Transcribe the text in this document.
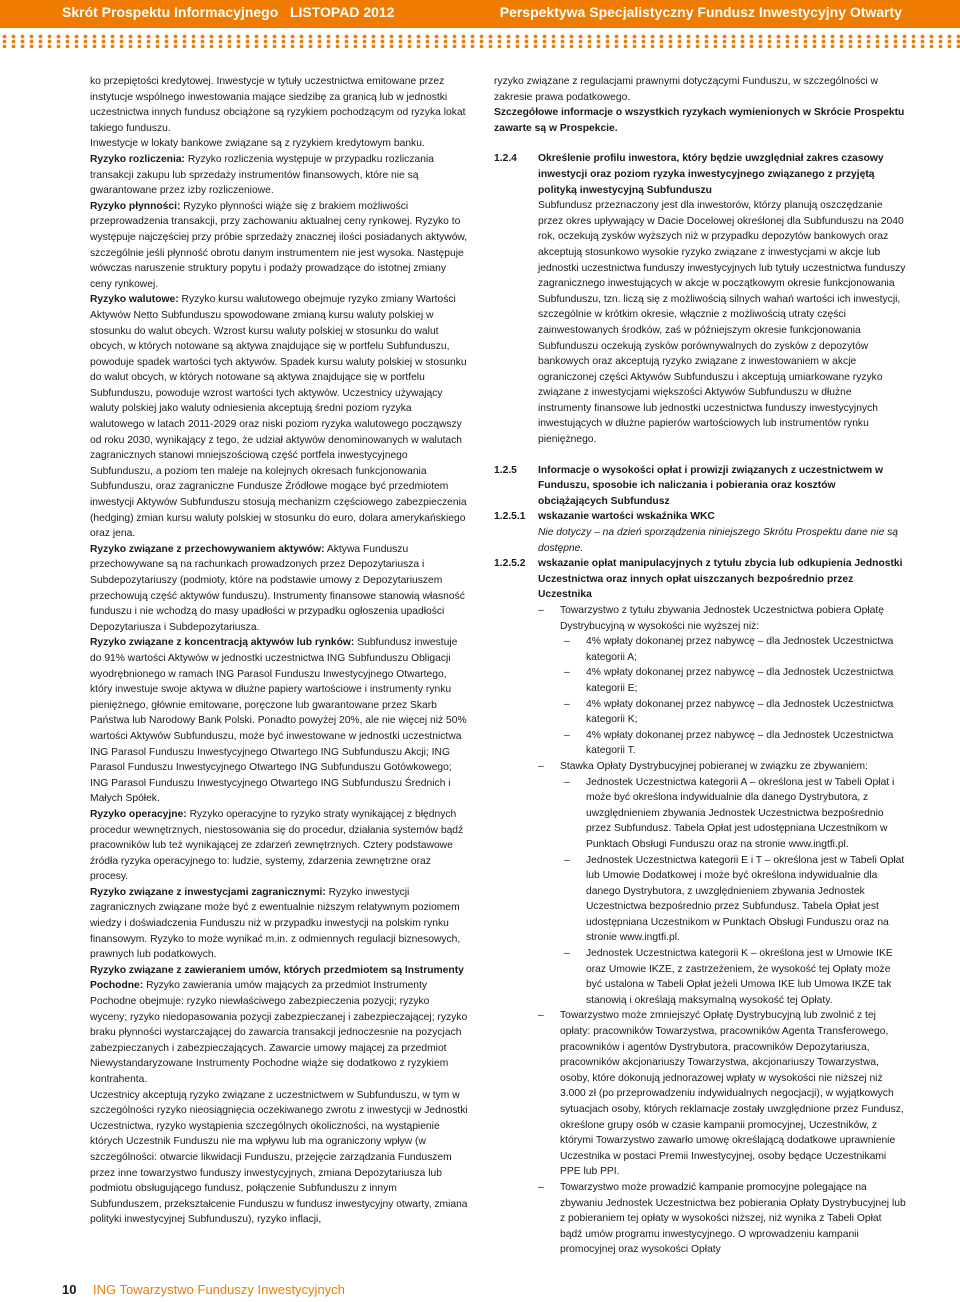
Skrót Prospektu Informacyjnego   LISTOPAD 2012	Perspektywa Specjalistyczny Fundusz Inwestycyjny Otwarty

ko przepiętości kredytowej. Inwestycje w tytuły uczestnictwa emitowane przez instytucje wspólnego inwestowania mające siedzibę za granicą lub w jednostki uczestnictwa innych fundusz obciążone są ryzykiem pochodzącym od ryzyka lokat takiego funduszu.

Inwestycje w lokaty bankowe związane są z ryzykiem kredytowym banku.

Ryzyko rozliczenia: Ryzyko rozliczenia występuje w przypadku rozliczania transakcji zakupu lub sprzedaży instrumentów finansowych, które nie są gwarantowane przez izby rozliczeniowe.

Ryzyko płynności: Ryzyko płynności wiąże się z brakiem możliwości przeprowadzenia transakcji, przy zachowaniu aktualnej ceny rynkowej. Ryzyko to występuje najczęściej przy próbie sprzedaży znacznej ilości posiadanych aktywów, szczególnie jeśli płynność obrotu danym instrumentem nie jest wysoka. Następuje wówczas naruszenie struktury popytu i podaży prowadzące do istotnej zmiany ceny rynkowej.

Ryzyko walutowe: Ryzyko kursu walutowego obejmuje ryzyko zmiany Wartości Aktywów Netto Subfunduszu spowodowane zmianą kursu waluty polskiej w stosunku do walut obcych. Wzrost kursu waluty polskiej w stosunku do walut obcych, w których notowane są aktywa znajdujące się w portfelu Subfunduszu, powoduje spadek wartości tych aktywów. Spadek kursu waluty polskiej w stosunku do walut obcych, w których notowane są aktywa znajdujące się w portfelu Subfunduszu, powoduje wzrost wartości tych aktywów. Uczestnicy używający waluty polskiej jako waluty odniesienia akceptują średni poziom ryzyka walutowego w latach 2011-2029 oraz niski poziom ryzyka walutowego począwszy od roku 2030, wynikający z tego, że udział aktywów denominowanych w walutach zagranicznych stanowi mniejszościową część portfela inwestycyjnego Subfunduszu, a poziom ten maleje na kolejnych okresach funkcjonowania Subfunduszu, oraz zagraniczne Fundusze Źródłowe mogące być przedmiotem inwestycji Aktywów Subfunduszu stosują mechanizm częściowego zabezpieczenia (hedging) zmian kursu waluty polskiej w stosunku do euro, dolara amerykańskiego oraz jena.

Ryzyko związane z przechowywaniem aktywów: Aktywa Funduszu przechowywane są na rachunkach prowadzonych przez Depozytariusza i Subdepozytariuszy (podmioty, które na podstawie umowy z Depozytariuszem przechowują część aktywów funduszu). Instrumenty finansowe stanowią własność funduszu i nie wchodzą do masy upadłości w przypadku ogłoszenia upadłości Depozytariusza i Subdepozytariusza.

Ryzyko związane z koncentracją aktywów lub rynków: Subfundusz inwestuje do 91% wartości Aktywów w jednostki uczestnictwa ING Subfunduszu Obligacji wyodrębnionego w ramach ING Parasol Funduszu Inwestycyjnego Otwartego, który inwestuje swoje aktywa w dłużne papiery wartościowe i instrumenty rynku pieniężnego, głównie emitowane, poręczone lub gwarantowane przez Skarb Państwa lub Narodowy Bank Polski. Ponadto powyżej 20%, ale nie więcej niż 50% wartości Aktywów Subfunduszu, może być inwestowane w jednostki uczestnictwa ING Parasol Funduszu Inwestycyjnego Otwartego ING Subfunduszu Akcji; ING Parasol Funduszu Inwestycyjnego Otwartego ING Subfunduszu Gotówkowego; ING Parasol Funduszu Inwestycyjnego Otwartego ING Subfunduszu Średnich i Małych Spółek.

Ryzyko operacyjne: Ryzyko operacyjne to ryzyko straty wynikającej z błędnych procedur wewnętrznych, niestosowania się do procedur, działania systemów bądź pracowników lub też wynikającej ze zdarzeń zewnętrznych. Cztery podstawowe źródła ryzyka operacyjnego to: ludzie, systemy, zdarzenia zewnętrzne oraz procesy.

Ryzyko związane z inwestycjami zagranicznymi: Ryzyko inwestycji zagranicznych związane może być z ewentualnie niższym relatywnym poziomem wiedzy i doświadczenia Funduszu niż w przypadku inwestycji na polskim rynku finansowym. Ryzyko to może wynikać m.in. z odmiennych regulacji biznesowych, prawnych lub podatkowych.

Ryzyko związane z zawieraniem umów, których przedmiotem są Instrumenty Pochodne: Ryzyko zawierania umów mających za przedmiot Instrumenty Pochodne obejmuje: ryzyko niewłaściwego zabezpieczenia pozycji; ryzyko wyceny; ryzyko niedopasowania pozycji zabezpieczanej i zabezpieczającej; ryzyko braku płynności wystarczającej do zawarcia transakcji jednoczesnie na pozycjach zabezpieczanych i zabezpieczających. Zawarcie umowy mającej za przedmiot Niewystandaryzowane Instrumenty Pochodne wiąże się dodatkowo z ryzykiem kontrahenta.

Uczestnicy akceptują ryzyko związane z uczestnictwem w Subfunduszu, w tym w szczególności ryzyko nieosiągnięcia oczekiwanego zwrotu z inwestycji w Jednostki Uczestnictwa, ryzyko wystąpienia szczególnych okoliczności, na wystąpienie których Uczestnik Funduszu nie ma wpływu lub ma ograniczony wpływ (w szczególności: otwarcie likwidacji Funduszu, przejęcie zarządzania Funduszem przez inne towarzystwo funduszy inwestycyjnych, zmiana Depozytariusza lub podmiotu obsługującego fundusz, połączenie Subfunduszu z innym Subfunduszem, przekształcenie Funduszu w fundusz inwestycyjny otwarty, zmiana polityki inwestycyjnej Subfunduszu), ryzyko inflacji,

ryzyko związane z regulacjami prawnymi dotyczącymi Funduszu, w szczególności w zakresie prawa podatkowego.

Szczegółowe informacje o wszystkich ryzykach wymienionych w Skrócie Prospektu zawarte są w Prospekcie.

1.2.4 Określenie profilu inwestora, który będzie uwzględniał zakres czasowy inwestycji oraz poziom ryzyka inwestycyjnego związanego z przyjętą polityką inwestycyjną Subfunduszu

Subfundusz przeznaczony jest dla inwestorów, którzy planują oszczędzanie przez okres upływający w Dacie Docelowej określonej dla Subfunduszu na 2040 rok, oczekują zysków wyższych niż w przypadku depozytów bankowych oraz akceptują stosunkowo wysokie ryzyko związane z inwestycjami w akcje lub jednostki uczestnictwa funduszy inwestycyjnych lub tytuły uczestnictwa funduszy zagranicznego inwestujących w akcje w początkowym okresie funkcjonowania Subfunduszu, tzn. liczą się z możliwością silnych wahań wartości ich inwestycji, szczególnie w krótkim okresie, włącznie z możliwością utraty części zainwestowanych środków, zaś w późniejszym okresie funkcjonowania Subfunduszu oczekują zysków porównywalnych do zysków z depozytów bankowych oraz akceptują ryzyko związane z inwestowaniem w akcje ograniczonej części Aktywów Subfunduszu i akceptują umiarkowane ryzyko związane z inwestycjami większości Aktywów Subfunduszu w dłużne instrumenty finansowe lub jednostki uczestnictwa funduszy inwestycyjnych inwestujących w dłużne papierów wartościowych lub instrumentów rynku pieniężnego.

1.2.5 Informacje o wysokości opłat i prowizji związanych z uczestnictwem w Funduszu, sposobie ich naliczania i pobierania oraz kosztów obciążających Subfundusz

1.2.5.1 wskazanie wartości wskaźnika WKC

Nie dotyczy – na dzień sporządzenia niniejszego Skrótu Prospektu dane nie są dostępne.

1.2.5.2 wskazanie opłat manipulacyjnych z tytułu zbycia lub odkupienia Jednostki Uczestnictwa oraz innych opłat uiszczanych bezpośrednio przez Uczestnika

– Towarzystwo z tytułu zbywania Jednostek Uczestnictwa pobiera Opłatę Dystrybucyjną w wysokości nie wyższej niż:

– 4% wpłaty dokonanej przez nabywcę – dla Jednostek Uczestnictwa kategorii A;

– 4% wpłaty dokonanej przez nabywcę – dla Jednostek Uczestnictwa kategorii E;

– 4% wpłaty dokonanej przez nabywcę – dla Jednostek Uczestnictwa kategorii K;

– 4% wpłaty dokonanej przez nabywcę – dla Jednostek Uczestnictwa kategorii T.

– Stawka Opłaty Dystrybucyjnej pobieranej w związku ze zbywaniem:

– Jednostek Uczestnictwa kategorii A – określona jest w Tabeli Opłat i może być określona indywidualnie dla danego Dystrybutora, z uwzględnieniem zbywania Jednostek Uczestnictwa bezpośrednio przez Subfundusz. Tabela Opłat jest udostępniana Uczestnikom w Punktach Obsługi Funduszu oraz na stronie www.ingtfi.pl.

– Jednostek Uczestnictwa kategorii E i T – określona jest w Tabeli Opłat lub Umowie Dodatkowej i może być określona indywidualnie dla danego Dystrybutora, z uwzględnieniem zbywania Jednostek Uczestnictwa bezpośrednio przez Subfundusz. Tabela Opłat jest udostępniana Uczestnikom w Punktach Obsługi Funduszu oraz na stronie www.ingtfi.pl.

– Jednostek Uczestnictwa kategorii K – określona jest w Umowie IKE oraz Umowie IKZE, z zastrzeżeniem, że wysokość tej Opłaty może być ustalona w Tabeli Opłat jeżeli Umowa IKE lub Umowa IKZE tak stanowią i określają maksymalną wysokość tej Opłaty.

– Towarzystwo może zmniejszyć Opłatę Dystrybucyjną lub zwolnić z tej opłaty: pracowników Towarzystwa, pracowników Agenta Transferowego, pracowników i agentów Dystrybutora, pracowników Depozytariusza, pracowników akcjonariuszy Towarzystwa, akcjonariuszy Towarzystwa, osoby, które dokonują jednorazowej wpłaty w wysokości nie niższej niż 3.000 zł (po przeprowadzeniu indywidualnych negocjacji), w wyjątkowych sytuacjach osoby, których reklamacje zostały uwzględnione przez Fundusz, określone grupy osób w czasie kampanii promocyjnej, Uczestników, z którymi Towarzystwo zawarło umowę określającą dodatkowe uprawnienie Uczestnika w postaci Premii Inwestycyjnej, osoby będące Uczestnikami PPE lub PPI.

– Towarzystwo może prowadzić kampanie promocyjne polegające na zbywaniu Jednostek Uczestnictwa bez pobierania Opłaty Dystrybucyjnej lub z pobieraniem tej opłaty w wysokości niższej, niż wynika z Tabeli Opłat bądź umów programu inwestycyjnego. O wprowadzeniu kampanii promocyjnej oraz wysokości Opłaty

10 ING Towarzystwo Funduszy Inwestycyjnych
